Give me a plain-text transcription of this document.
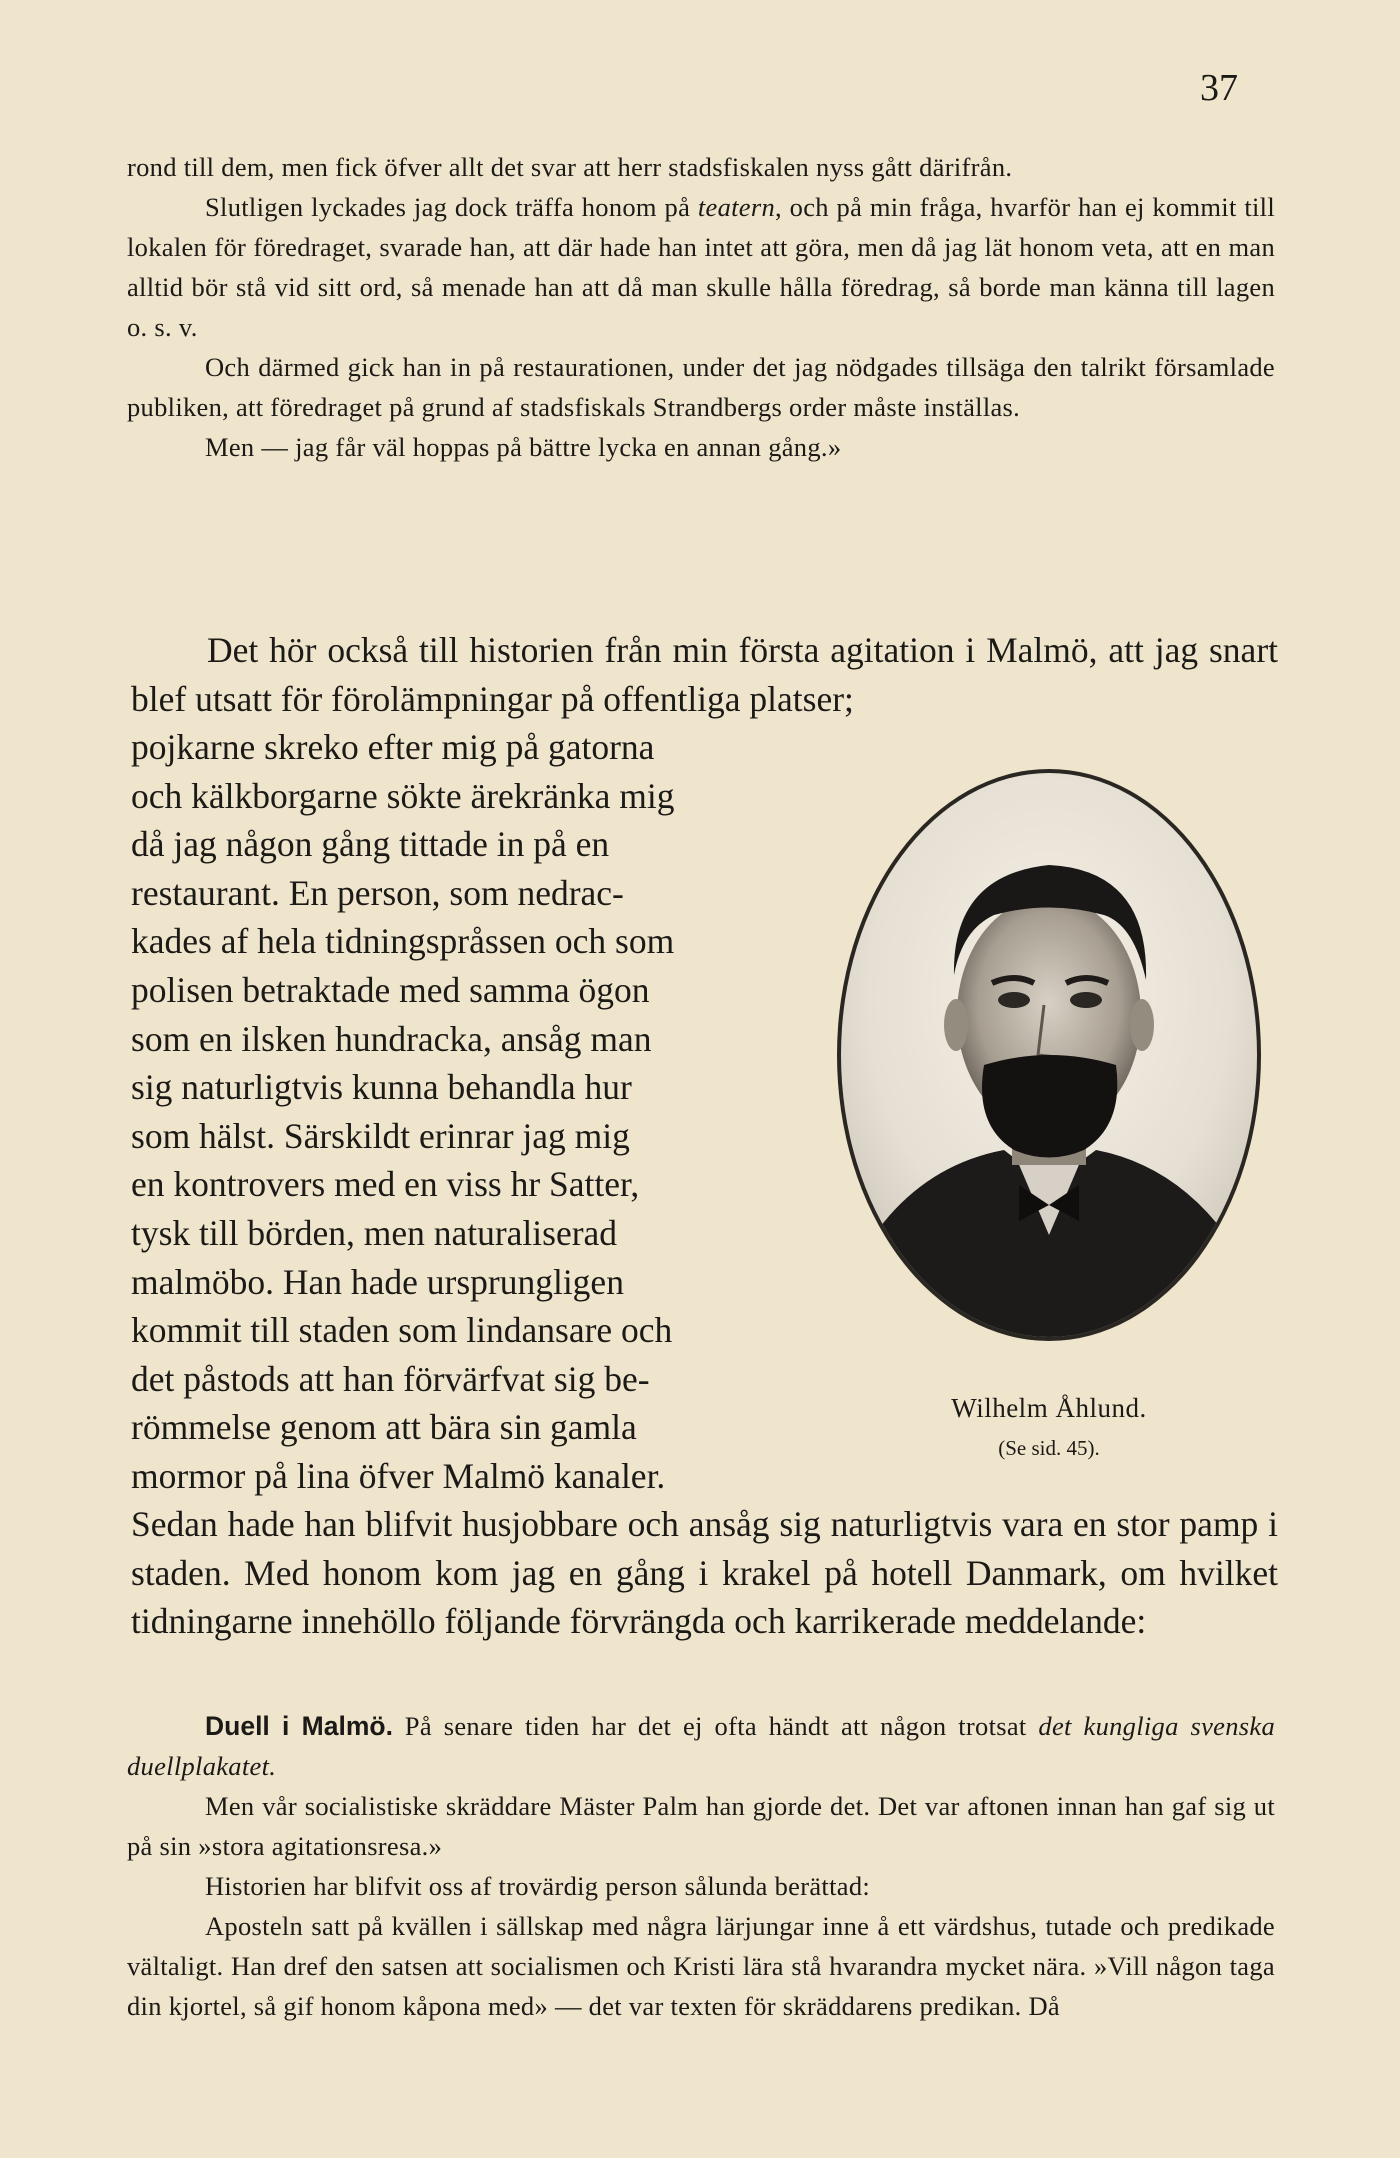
37

rond till dem, men fick öfver allt det svar att herr stadsfiskalen nyss gått därifrån.

Slutligen lyckades jag dock träffa honom på teatern, och på min fråga, hvarför han ej kommit till lokalen för föredraget, svarade han, att där hade han intet att göra, men då jag lät honom veta, att en man alltid bör stå vid sitt ord, så menade han att då man skulle hålla föredrag, så borde man känna till lagen o. s. v.

Och därmed gick han in på restaurationen, under det jag nödgades tillsäga den talrikt församlade publiken, att föredraget på grund af stadsfiskals Strandbergs order måste inställas.

Men — jag får väl hoppas på bättre lycka en annan gång.»

Det hör också till historien från min första agitation i Malmö, att jag snart blef utsatt för förolämpningar på offentliga platser;

pojkarne skreko efter mig på gatorna

och kälkborgarne sökte ärekränka mig

då jag någon gång tittade in på en

restaurant. En person, som nedrac-

kades af hela tidningspråssen och som

polisen betraktade med samma ögon

som en ilsken hundracka, ansåg man

sig naturligtvis kunna behandla hur

som hälst. Särskildt erinrar jag mig

en kontrovers med en viss hr Satter,

tysk till börden, men naturaliserad

malmöbo. Han hade ursprungligen

kommit till staden som lindansare och

det påstods att han förvärfvat sig be-

römmelse genom att bära sin gamla

mormor på lina öfver Malmö kanaler.

Wilhelm Åhlund.
(Se sid. 45).

Sedan hade han blifvit husjobbare och ansåg sig naturligtvis vara en stor pamp i staden. Med honom kom jag en gång i krakel på hotell Danmark, om hvilket tidningarne innehöllo följande förvrängda och karrikerade meddelande:

Duell i Malmö. På senare tiden har det ej ofta händt att någon trotsat det kungliga svenska duellplakatet.

Men vår socialistiske skräddare Mäster Palm han gjorde det. Det var aftonen innan han gaf sig ut på sin »stora agitationsresa.»

Historien har blifvit oss af trovärdig person sålunda berättad:

Aposteln satt på kvällen i sällskap med några lärjungar inne å ett värdshus, tutade och predikade vältaligt. Han dref den satsen att socialismen och Kristi lära stå hvarandra mycket nära. »Vill någon taga din kjortel, så gif honom kåpona med» — det var texten för skräddarens predikan. Då
